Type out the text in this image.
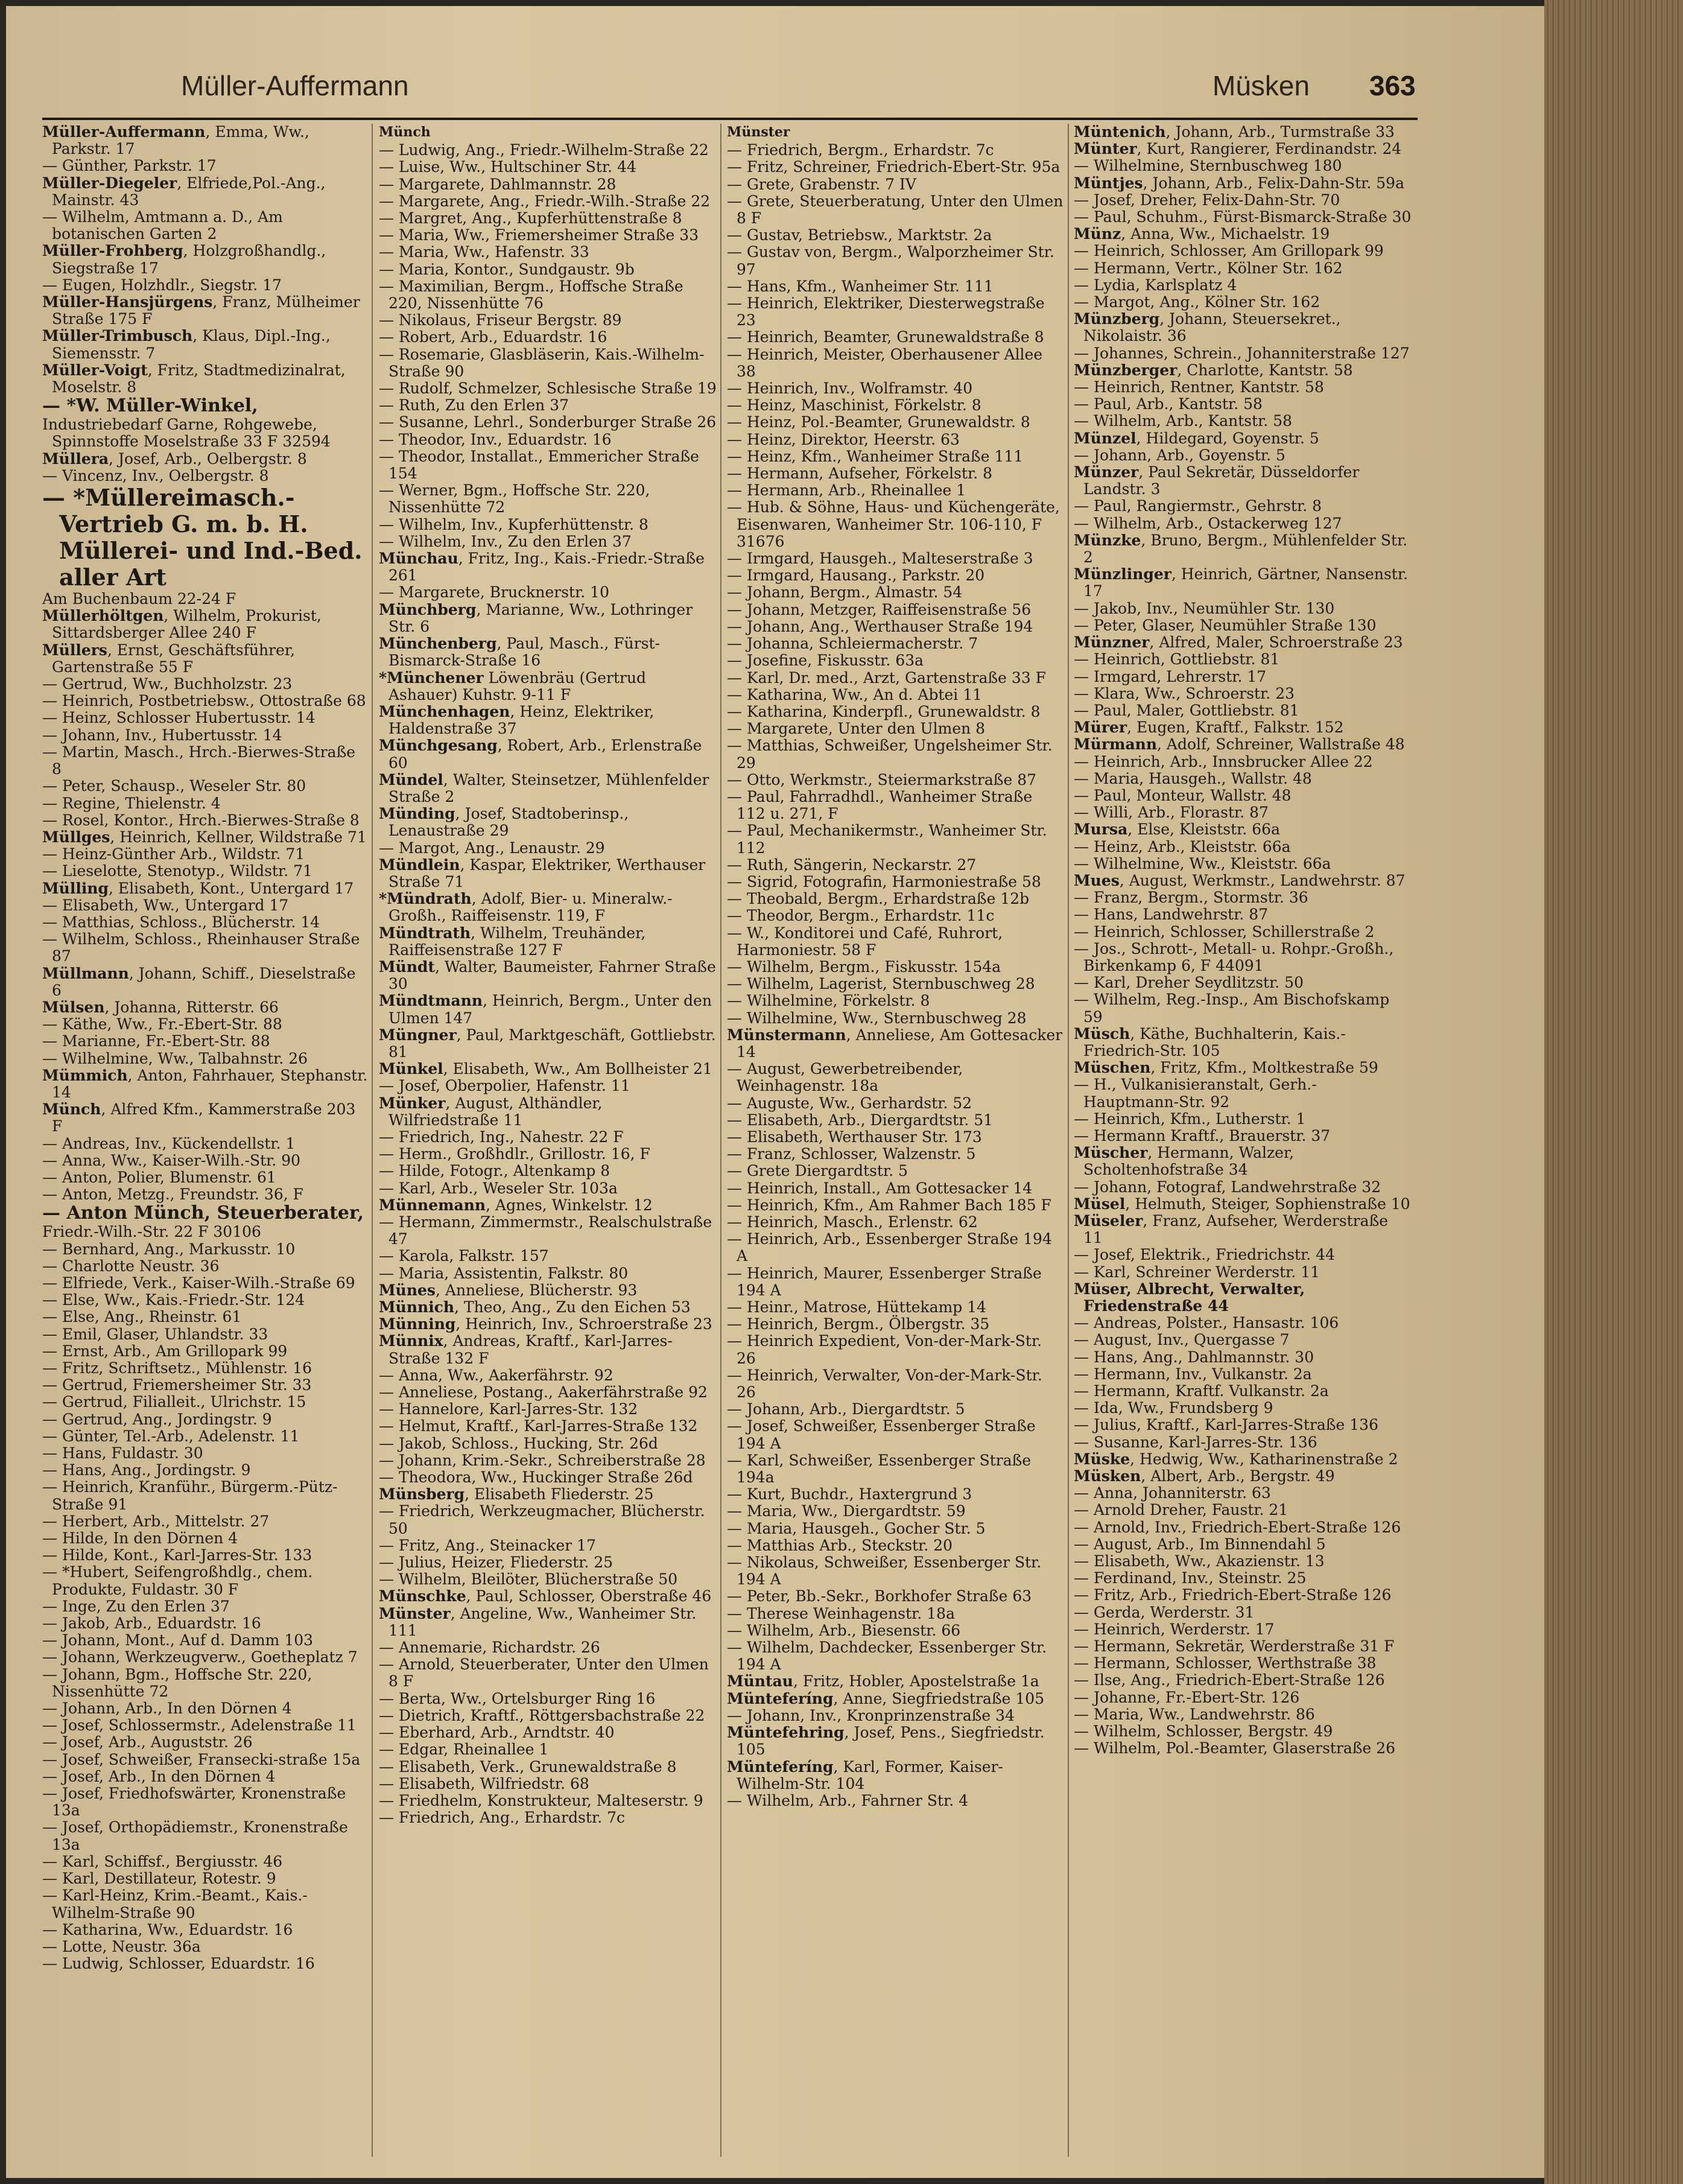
Müller-Auffermann	Müsken 363

Müller-Auffermann, Emma, Ww., Parkstr. 17

— Günther, Parkstr. 17

Müller-Diegeler, Elfriede,Pol.-Ang., Mainstr. 43

— Wilhelm, Amtmann a. D., Am botanischen Garten 2

Müller-Frohberg, Holzgroßhandlg., Siegstraße 17

— Eugen, Holzhdlr., Siegstr. 17

Müller-Hansjürgens, Franz, Mülheimer Straße 175 F

Müller-Trimbusch, Klaus, Dipl.-Ing., Siemensstr. 7

Müller-Voigt, Fritz, Stadtmedizinalrat, Moselstr. 8

— *W. Müller-Winkel,

Industriebedarf Garne, Rohgewebe, Spinnstoffe Moselstraße 33 F 32594

Müllera, Josef, Arb., Oelbergstr. 8

— Vincenz, Inv., Oelbergstr. 8

— *Müllereimasch.-Vertrieb G. m. b. H. Müllerei- und Ind.-Bed. aller Art

Am Buchenbaum 22-24 F

Müllerhöltgen, Wilhelm, Prokurist, Sittardsberger Allee 240 F

Müllers, Ernst, Geschäftsführer, Gartenstraße 55 F

— Gertrud, Ww., Buchholzstr. 23

— Heinrich, Postbetriebsw., Ottostraße 68

— Heinz, Schlosser Hubertusstr. 14

— Johann, Inv., Hubertusstr. 14

— Martin, Masch., Hrch.-Bierwes-Straße 8

— Peter, Schausp., Weseler Str. 80

— Regine, Thielenstr. 4

— Rosel, Kontor., Hrch.-Bierwes-Straße 8

Müllges, Heinrich, Kellner, Wildstraße 71

— Heinz-Günther Arb., Wildstr. 71

— Lieselotte, Stenotyp., Wildstr. 71

Mülling, Elisabeth, Kont., Untergard 17

— Elisabeth, Ww., Untergard 17

— Matthias, Schloss., Blücherstr. 14

— Wilhelm, Schloss., Rheinhauser Straße 87

Müllmann, Johann, Schiff., Dieselstraße 6

Mülsen, Johanna, Ritterstr. 66

— Käthe, Ww., Fr.-Ebert-Str. 88

— Marianne, Fr.-Ebert-Str. 88

— Wilhelmine, Ww., Talbahnstr. 26

Mümmich, Anton, Fahrhauer, Stephanstr. 14

Münch, Alfred Kfm., Kammerstraße 203 F

— Andreas, Inv., Kückendellstr. 1

— Anna, Ww., Kaiser-Wilh.-Str. 90

— Anton, Polier, Blumenstr. 61

— Anton, Metzg., Freundstr. 36, F

— Anton Münch, Steuerberater,

Friedr.-Wilh.-Str. 22 F 30106

— Bernhard, Ang., Markusstr. 10

— Charlotte Neustr. 36

— Elfriede, Verk., Kaiser-Wilh.-Straße 69

— Else, Ww., Kais.-Friedr.-Str. 124

— Else, Ang., Rheinstr. 61

— Emil, Glaser, Uhlandstr. 33

— Ernst, Arb., Am Grillopark 99

— Fritz, Schriftsetz., Mühlenstr. 16

— Gertrud, Friemersheimer Str. 33

— Gertrud, Filialleit., Ulrichstr. 15

— Gertrud, Ang., Jordingstr. 9

— Günter, Tel.-Arb., Adelenstr. 11

— Hans, Fuldastr. 30

— Hans, Ang., Jordingstr. 9

— Heinrich, Kranführ., Bürgerm.-Pütz-Straße 91

— Herbert, Arb., Mittelstr. 27

— Hilde, In den Dörnen 4

— Hilde, Kont., Karl-Jarres-Str. 133

— *Hubert, Seifengroßhdlg., chem. Produkte, Fuldastr. 30 F

— Inge, Zu den Erlen 37

— Jakob, Arb., Eduardstr. 16

— Johann, Mont., Auf d. Damm 103

— Johann, Werkzeugverw., Goetheplatz 7

— Johann, Bgm., Hoffsche Str. 220, Nissenhütte 72

— Johann, Arb., In den Dörnen 4

— Josef, Schlossermstr., Adelenstraße 11

— Josef, Arb., Auguststr. 26

— Josef, Schweißer, Fransecki-straße 15a

— Josef, Arb., In den Dörnen 4

— Josef, Friedhofswärter, Kronenstraße 13a

— Josef, Orthopädiemstr., Kronenstraße 13a

— Karl, Schiffsf., Bergiusstr. 46

— Karl, Destillateur, Rotestr. 9

— Karl-Heinz, Krim.-Beamt., Kais.-Wilhelm-Straße 90

— Katharina, Ww., Eduardstr. 16

— Lotte, Neustr. 36a

— Ludwig, Schlosser, Eduardstr. 16

Münch

— Ludwig, Ang., Friedr.-Wilhelm-Straße 22

— Luise, Ww., Hultschiner Str. 44

— Margarete, Dahlmannstr. 28

— Margarete, Ang., Friedr.-Wilh.-Straße 22

— Margret, Ang., Kupferhüttenstraße 8

— Maria, Ww., Friemersheimer Straße 33

— Maria, Ww., Hafenstr. 33

— Maria, Kontor., Sundgaustr. 9b

— Maximilian, Bergm., Hoffsche Straße 220, Nissenhütte 76

— Nikolaus, Friseur Bergstr. 89

— Robert, Arb., Eduardstr. 16

— Rosemarie, Glasbläserin, Kais.-Wilhelm-Straße 90

— Rudolf, Schmelzer, Schlesische Straße 19

— Ruth, Zu den Erlen 37

— Susanne, Lehrl., Sonderburger Straße 26

— Theodor, Inv., Eduardstr. 16

— Theodor, Installat., Emmericher Straße 154

— Werner, Bgm., Hoffsche Str. 220, Nissenhütte 72

— Wilhelm, Inv., Kupferhüttenstr. 8

— Wilhelm, Inv., Zu den Erlen 37

Münchau, Fritz, Ing., Kais.-Friedr.-Straße 261

— Margarete, Brucknerstr. 10

Münchberg, Marianne, Ww., Lothringer Str. 6

Münchenberg, Paul, Masch., Fürst-Bismarck-Straße 16

*Münchener Löwenbräu (Gertrud Ashauer) Kuhstr. 9-11 F

Münchenhagen, Heinz, Elektriker, Haldenstraße 37

Münchgesang, Robert, Arb., Erlenstraße 60

Mündel, Walter, Steinsetzer, Mühlenfelder Straße 2

Münding, Josef, Stadtoberinsp., Lenaustraße 29

— Margot, Ang., Lenaustr. 29

Mündlein, Kaspar, Elektriker, Werthauser Straße 71

*Mündrath, Adolf, Bier- u. Mineralw.-Großh., Raiffeisenstr. 119, F

Mündtrath, Wilhelm, Treuhänder, Raiffeisenstraße 127 F

Mündt, Walter, Baumeister, Fahrner Straße 30

Mündtmann, Heinrich, Bergm., Unter den Ulmen 147

Müngner, Paul, Marktgeschäft, Gottliebstr. 81

Münkel, Elisabeth, Ww., Am Bollheister 21

— Josef, Oberpolier, Hafenstr. 11

Münker, August, Althändler, Wilfriedstraße 11

— Friedrich, Ing., Nahestr. 22 F

— Herm., Großhdlr., Grillostr. 16, F

— Hilde, Fotogr., Altenkamp 8

— Karl, Arb., Weseler Str. 103a

Münnemann, Agnes, Winkelstr. 12

— Hermann, Zimmermstr., Realschulstraße 47

— Karola, Falkstr. 157

— Maria, Assistentin, Falkstr. 80

Münes, Anneliese, Blücherstr. 93

Münnich, Theo, Ang., Zu den Eichen 53

Münning, Heinrich, Inv., Schroerstraße 23

Münnix, Andreas, Kraftf., Karl-Jarres-Straße 132 F

— Anna, Ww., Aakerfährstr. 92

— Anneliese, Postang., Aakerfährstraße 92

— Hannelore, Karl-Jarres-Str. 132

— Helmut, Kraftf., Karl-Jarres-Straße 132

— Jakob, Schloss., Hucking, Str. 26d

— Johann, Krim.-Sekr., Schreiberstraße 28

— Theodora, Ww., Huckinger Straße 26d

Münsberg, Elisabeth Fliederstr. 25

— Friedrich, Werkzeugmacher, Blücherstr. 50

— Fritz, Ang., Steinacker 17

— Julius, Heizer, Fliederstr. 25

— Wilhelm, Bleilöter, Blücherstraße 50

Münschke, Paul, Schlosser, Oberstraße 46

Münster, Angeline, Ww., Wanheimer Str. 111

— Annemarie, Richardstr. 26

— Arnold, Steuerberater, Unter den Ulmen 8 F

— Berta, Ww., Ortelsburger Ring 16

— Dietrich, Kraftf., Röttgersbachstraße 22

— Eberhard, Arb., Arndtstr. 40

— Edgar, Rheinallee 1

— Elisabeth, Verk., Grunewaldstraße 8

— Elisabeth, Wilfriedstr. 68

— Friedhelm, Konstrukteur, Malteserstr. 9

— Friedrich, Ang., Erhardstr. 7c

Münster

— Friedrich, Bergm., Erhardstr. 7c

— Fritz, Schreiner, Friedrich-Ebert-Str. 95a

— Grete, Grabenstr. 7 IV

— Grete, Steuerberatung, Unter den Ulmen 8 F

— Gustav, Betriebsw., Marktstr. 2a

— Gustav von, Bergm., Walporzheimer Str. 97

— Hans, Kfm., Wanheimer Str. 111

— Heinrich, Elektriker, Diesterwegstraße 23

— Heinrich, Beamter, Grunewaldstraße 8

— Heinrich, Meister, Oberhausener Allee 38

— Heinrich, Inv., Wolframstr. 40

— Heinz, Maschinist, Förkelstr. 8

— Heinz, Pol.-Beamter, Grunewaldstr. 8

— Heinz, Direktor, Heerstr. 63

— Heinz, Kfm., Wanheimer Straße 111

— Hermann, Aufseher, Förkelstr. 8

— Hermann, Arb., Rheinallee 1

— Hub. & Söhne, Haus- und Küchengeräte, Eisenwaren, Wanheimer Str. 106-110, F 31676

— Irmgard, Hausgeh., Malteserstraße 3

— Irmgard, Hausang., Parkstr. 20

— Johann, Bergm., Almastr. 54

— Johann, Metzger, Raiffeisenstraße 56

— Johann, Ang., Werthauser Straße 194

— Johanna, Schleiermacherstr. 7

— Josefine, Fiskusstr. 63a

— Karl, Dr. med., Arzt, Gartenstraße 33 F

— Katharina, Ww., An d. Abtei 11

— Katharina, Kinderpfl., Grunewaldstr. 8

— Margarete, Unter den Ulmen 8

— Matthias, Schweißer, Ungelsheimer Str. 29

— Otto, Werkmstr., Steiermarkstraße 87

— Paul, Fahrradhdl., Wanheimer Straße 112 u. 271, F

— Paul, Mechanikermstr., Wanheimer Str. 112

— Ruth, Sängerin, Neckarstr. 27

— Sigrid, Fotografin, Harmoniestraße 58

— Theobald, Bergm., Erhardstraße 12b

— Theodor, Bergm., Erhardstr. 11c

— W., Konditorei und Café, Ruhrort, Harmoniestr. 58 F

— Wilhelm, Bergm., Fiskusstr. 154a

— Wilhelm, Lagerist, Sternbuschweg 28

— Wilhelmine, Förkelstr. 8

— Wilhelmine, Ww., Sternbuschweg 28

Münstermann, Anneliese, Am Gottesacker 14

— August, Gewerbetreibender, Weinhagenstr. 18a

— Auguste, Ww., Gerhardstr. 52

— Elisabeth, Arb., Diergardtstr. 51

— Elisabeth, Werthauser Str. 173

— Franz, Schlosser, Walzenstr. 5

— Grete Diergardtstr. 5

— Heinrich, Install., Am Gottesacker 14

— Heinrich, Kfm., Am Rahmer Bach 185 F

— Heinrich, Masch., Erlenstr. 62

— Heinrich, Arb., Essenberger Straße 194 A

— Heinrich, Maurer, Essenberger Straße 194 A

— Heinr., Matrose, Hüttekamp 14

— Heinrich, Bergm., Ölbergstr. 35

— Heinrich Expedient, Von-der-Mark-Str. 26

— Heinrich, Verwalter, Von-der-Mark-Str. 26

— Johann, Arb., Diergardtstr. 5

— Josef, Schweißer, Essenberger Straße 194 A

— Karl, Schweißer, Essenberger Straße 194a

— Kurt, Buchdr., Haxtergrund 3

— Maria, Ww., Diergardtstr. 59

— Maria, Hausgeh., Gocher Str. 5

— Matthias Arb., Steckstr. 20

— Nikolaus, Schweißer, Essenberger Str. 194 A

— Peter, Bb.-Sekr., Borkhofer Straße 63

— Therese Weinhagenstr. 18a

— Wilhelm, Arb., Biesenstr. 66

— Wilhelm, Dachdecker, Essenberger Str. 194 A

Müntau, Fritz, Hobler, Apostelstraße 1a

Münteferíng, Anne, Siegfriedstraße 105

— Johann, Inv., Kronprinzenstraße 34

Müntefehring, Josef, Pens., Siegfriedstr. 105

Münteferíng, Karl, Former, Kaiser-Wilhelm-Str. 104

— Wilhelm, Arb., Fahrner Str. 4

Müntenich, Johann, Arb., Turmstraße 33

Münter, Kurt, Rangierer, Ferdinandstr. 24

— Wilhelmine, Sternbuschweg 180

Müntjes, Johann, Arb., Felix-Dahn-Str. 59a

— Josef, Dreher, Felix-Dahn-Str. 70

— Paul, Schuhm., Fürst-Bismarck-Straße 30

Münz, Anna, Ww., Michaelstr. 19

— Heinrich, Schlosser, Am Grillopark 99

— Hermann, Vertr., Kölner Str. 162

— Lydia, Karlsplatz 4

— Margot, Ang., Kölner Str. 162

Münzberg, Johann, Steuersekret., Nikolaistr. 36

— Johannes, Schrein., Johanniterstraße 127

Münzberger, Charlotte, Kantstr. 58

— Heinrich, Rentner, Kantstr. 58

— Paul, Arb., Kantstr. 58

— Wilhelm, Arb., Kantstr. 58

Münzel, Hildegard, Goyenstr. 5

— Johann, Arb., Goyenstr. 5

Münzer, Paul Sekretär, Düsseldorfer Landstr. 3

— Paul, Rangiermstr., Gehrstr. 8

— Wilhelm, Arb., Ostackerweg 127

Münzke, Bruno, Bergm., Mühlenfelder Str. 2

Münzlinger, Heinrich, Gärtner, Nansenstr. 17

— Jakob, Inv., Neumühler Str. 130

— Peter, Glaser, Neumühler Straße 130

Münzner, Alfred, Maler, Schroerstraße 23

— Heinrich, Gottliebstr. 81

— Irmgard, Lehrerstr. 17

— Klara, Ww., Schroerstr. 23

— Paul, Maler, Gottliebstr. 81

Mürer, Eugen, Kraftf., Falkstr. 152

Mürmann, Adolf, Schreiner, Wallstraße 48

— Heinrich, Arb., Innsbrucker Allee 22

— Maria, Hausgeh., Wallstr. 48

— Paul, Monteur, Wallstr. 48

— Willi, Arb., Florastr. 87

Mursa, Else, Kleiststr. 66a

— Heinz, Arb., Kleiststr. 66a

— Wilhelmine, Ww., Kleiststr. 66a

Mues, August, Werkmstr., Landwehrstr. 87

— Franz, Bergm., Stormstr. 36

— Hans, Landwehrstr. 87

— Heinrich, Schlosser, Schillerstraße 2

— Jos., Schrott-, Metall- u. Rohpr.-Großh., Birkenkamp 6, F 44091

— Karl, Dreher Seydlitzstr. 50

— Wilhelm, Reg.-Insp., Am Bischofskamp 59

Müsch, Käthe, Buchhalterin, Kais.-Friedrich-Str. 105

Müschen, Fritz, Kfm., Moltkestraße 59

— H., Vulkanisieranstalt, Gerh.-Hauptmann-Str. 92

— Heinrich, Kfm., Lutherstr. 1

— Hermann Kraftf., Brauerstr. 37

Müscher, Hermann, Walzer, Scholtenhofstraße 34

— Johann, Fotograf, Landwehrstraße 32

Müsel, Helmuth, Steiger, Sophienstraße 10

Müseler, Franz, Aufseher, Werderstraße 11

— Josef, Elektrik., Friedrichstr. 44

— Karl, Schreiner Werderstr. 11

Müser, Albrecht, Verwalter, Friedenstraße 44

— Andreas, Polster., Hansastr. 106

— August, Inv., Quergasse 7

— Hans, Ang., Dahlmannstr. 30

— Hermann, Inv., Vulkanstr. 2a

— Hermann, Kraftf. Vulkanstr. 2a

— Ida, Ww., Frundsberg 9

— Julius, Kraftf., Karl-Jarres-Straße 136

— Susanne, Karl-Jarres-Str. 136

Müske, Hedwig, Ww., Katharinenstraße 2

Müsken, Albert, Arb., Bergstr. 49

— Anna, Johanniterstr. 63

— Arnold Dreher, Faustr. 21

— Arnold, Inv., Friedrich-Ebert-Straße 126

— August, Arb., Im Binnendahl 5

— Elisabeth, Ww., Akazienstr. 13

— Ferdinand, Inv., Steinstr. 25

— Fritz, Arb., Friedrich-Ebert-Straße 126

— Gerda, Werderstr. 31

— Heinrich, Werderstr. 17

— Hermann, Sekretär, Werderstraße 31 F

— Hermann, Schlosser, Werthstraße 38

— Ilse, Ang., Friedrich-Ebert-Straße 126

— Johanne, Fr.-Ebert-Str. 126

— Maria, Ww., Landwehrstr. 86

— Wilhelm, Schlosser, Bergstr. 49

— Wilhelm, Pol.-Beamter, Glaserstraße 26
